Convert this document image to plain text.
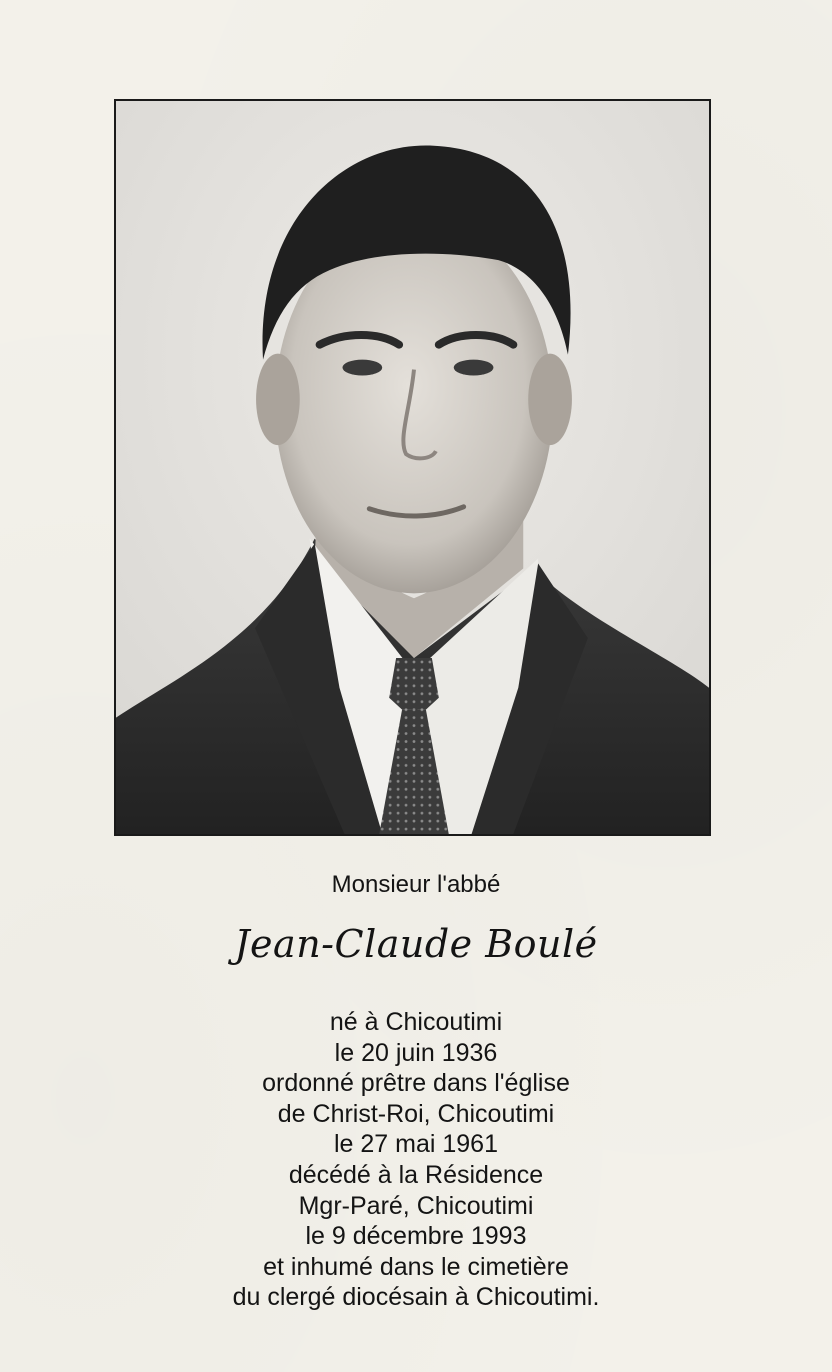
Monsieur l'abbé
Jean-Claude Boulé
né à Chicoutimi
le 20 juin 1936
ordonné prêtre dans l'église
de Christ-Roi, Chicoutimi
le 27 mai 1961
décédé à la Résidence
Mgr-Paré, Chicoutimi
le 9 décembre 1993
et inhumé dans le cimetière
du clergé diocésain à Chicoutimi.
